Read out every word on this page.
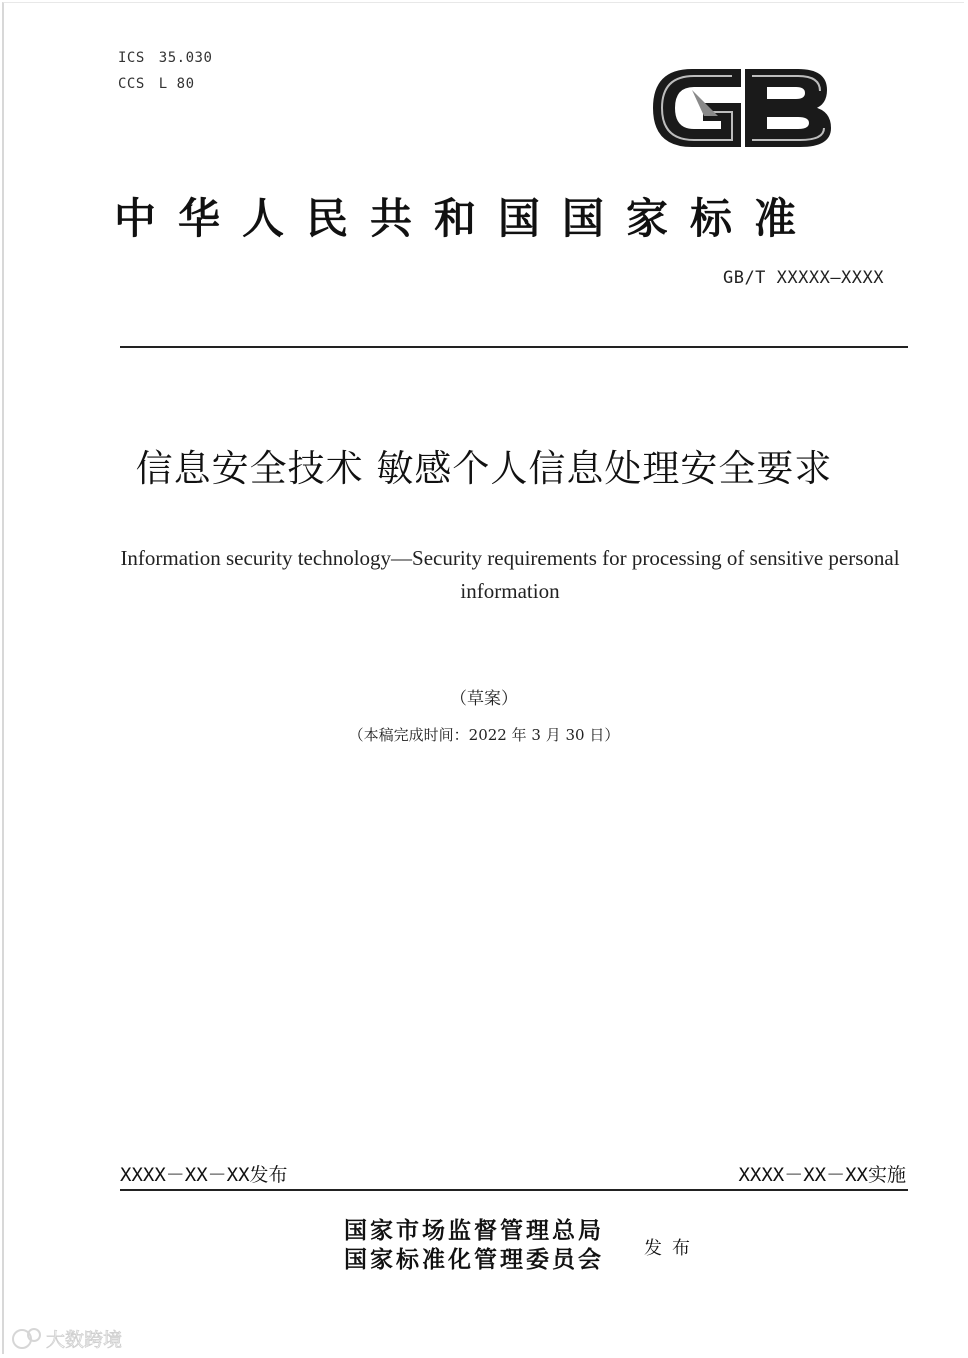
ICS 35.030
CCS L 80
GB
中华人民共和国国家标准
GB/T XXXXX—XXXX
信息安全技术 敏感个人信息处理安全要求
Information security technology—Security requirements for processing of sensitive personal information
（草案）
（本稿完成时间：2022 年 3 月 30 日）
XXXX－XX－XX发布	XXXX－XX－XX实施
国家市场监督管理总局
国家标准化管理委员会 发布
大数跨境
